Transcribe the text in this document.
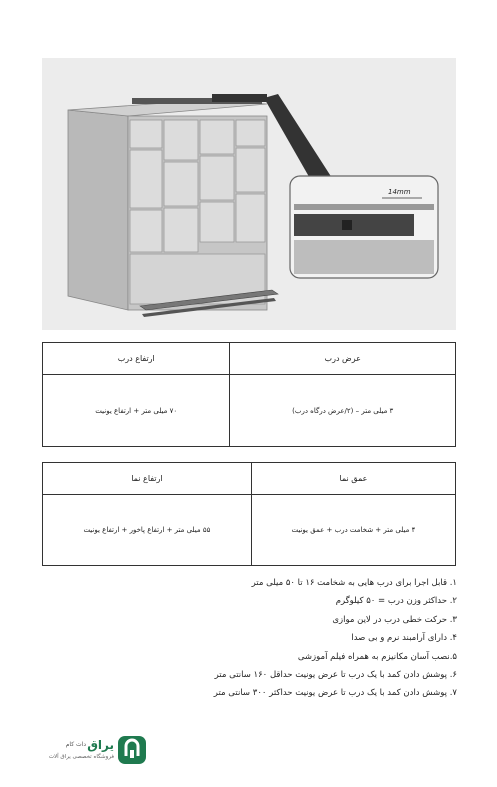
14mm
عرض درب	ارتفاع درب
۳ میلی متر – (۲/عرض درگاه درب)	۷۰ میلی متر + ارتفاع یونیت
عمق نما	ارتفاع نما
۴ میلی متر + شخامت درب + عمق یونیت	۵۵ میلی متر + ارتفاع پاخور + ارتفاع یونیت
۱. قابل اجرا برای درب هایی به شخامت ۱۶ تا ۵۰ میلی متر
۲. حداکثر وزن درب = ۵۰ کیلوگرم
۳. حرکت خطی درب در لاین موازی
۴. دارای آرامبند نرم و بی صدا
۵.نصب آسان مکانیزم به همراه فیلم آموزشی
۶. پوشش دادن کمد با یک درب تا عرض یونیت حداقل ۱۶۰ سانتی متر
۷. پوشش دادن کمد با یک درب تا عرض یونیت حداکثر ۳۰۰ سانتی متر
یراق
دات کام
فروشگاه تخصصی یراق آلات
